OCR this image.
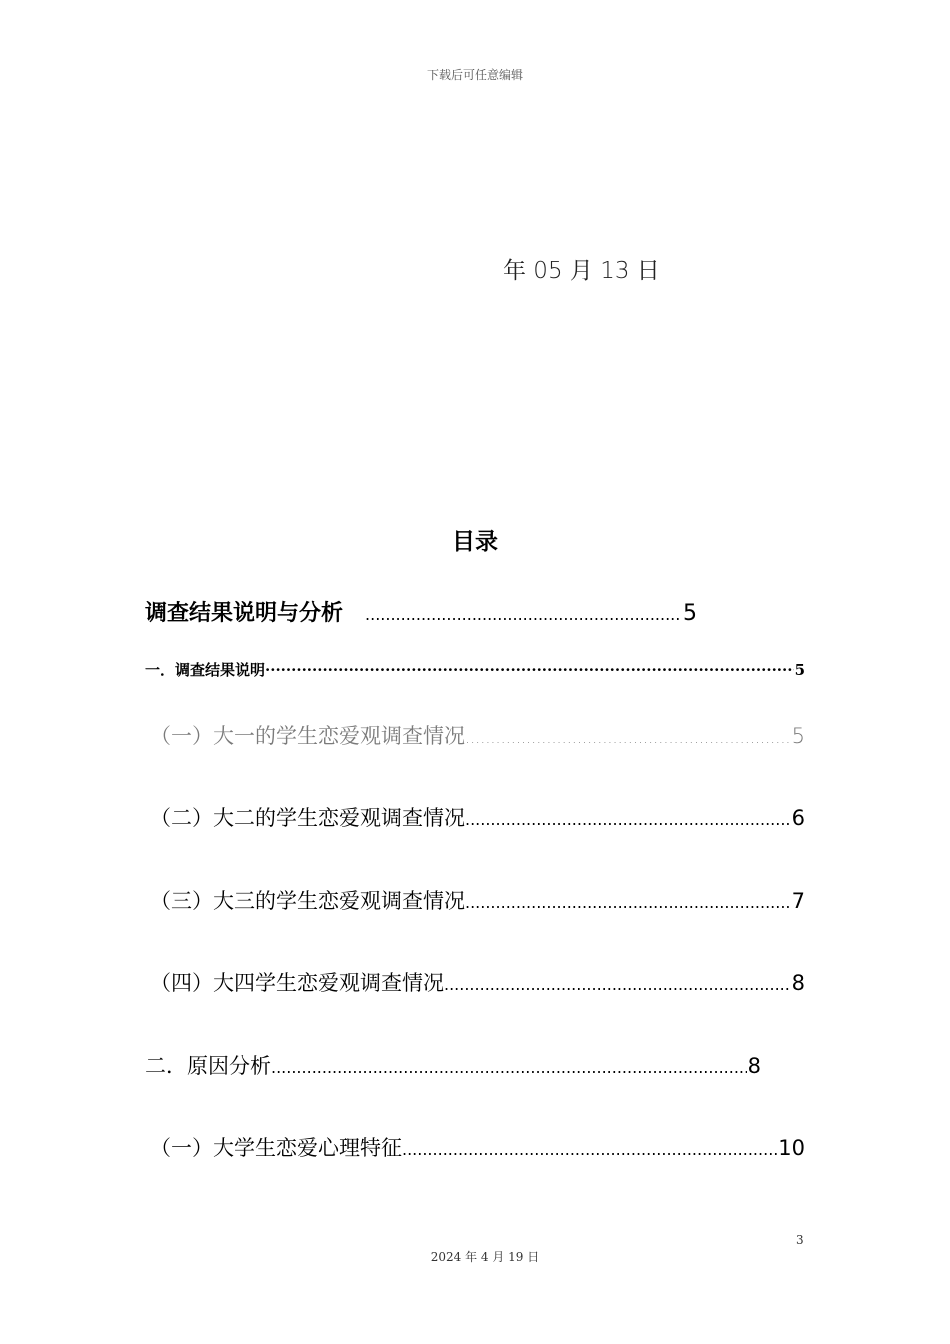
下载后可任意编辑
年 05 月 13 日
目录
调查结果说明与分析 .....	5
一．调查结果说明 ·····	5
（一）大一的学生恋爱观调查情况 .....	5
（二）大二的学生恋爱观调查情况 .....	6
（三）大三的学生恋爱观调查情况 .....	7
（四）大四学生恋爱观调查情况 .....	8
二．原因分析 .....	8
（一）大学生恋爱心理特征 .....	10
3
2024 年 4 月 19 日
